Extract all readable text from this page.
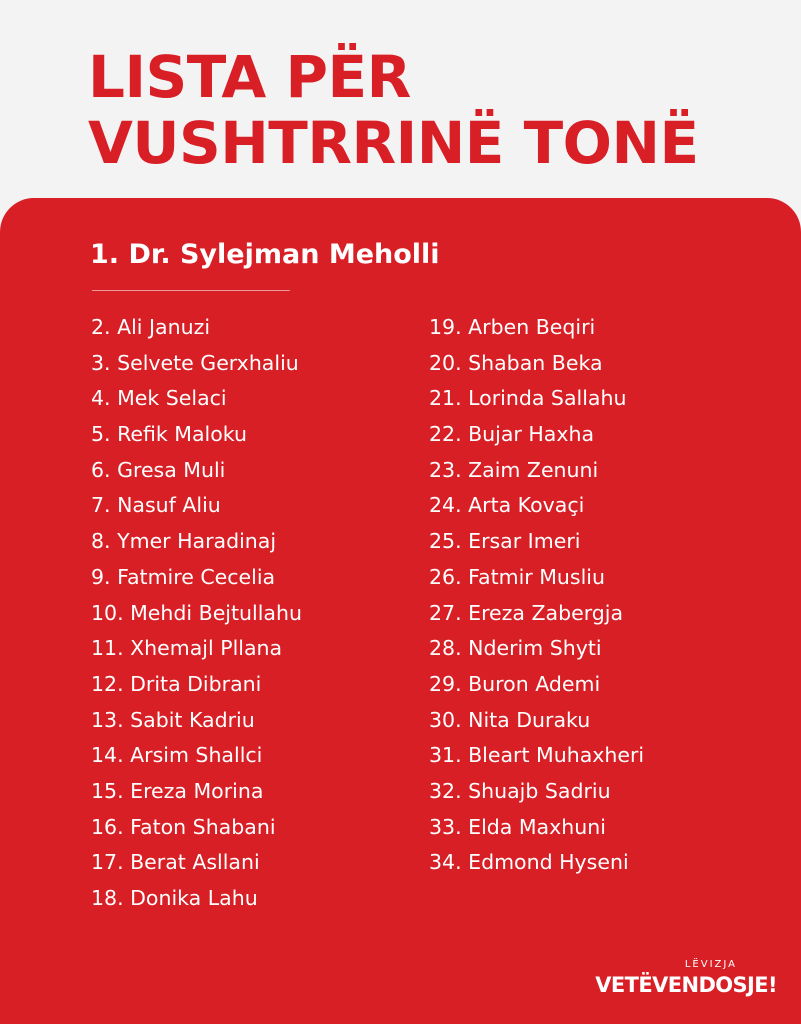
LISTA PËR
VUSHTRRINË TONË
1. Dr. Sylejman Meholli
2. Ali Januzi
3. Selvete Gerxhaliu
4. Mek Selaci
5. Refik Maloku
6. Gresa Muli
7. Nasuf Aliu
8. Ymer Haradinaj
9. Fatmire Cecelia
10. Mehdi Bejtullahu
11. Xhemajl Pllana
12. Drita Dibrani
13. Sabit Kadriu
14. Arsim Shallci
15. Ereza Morina
16. Faton Shabani
17. Berat Asllani
18. Donika Lahu
19. Arben Beqiri
20. Shaban Beka
21. Lorinda Sallahu
22. Bujar Haxha
23. Zaim Zenuni
24. Arta Kovaçi
25. Ersar Imeri
26. Fatmir Musliu
27. Ereza Zabergja
28. Nderim Shyti
29. Buron Ademi
30. Nita Duraku
31. Bleart Muhaxheri
32. Shuajb Sadriu
33. Elda Maxhuni
34. Edmond Hyseni
LËVIZJA
VETËVENDOSJE!
